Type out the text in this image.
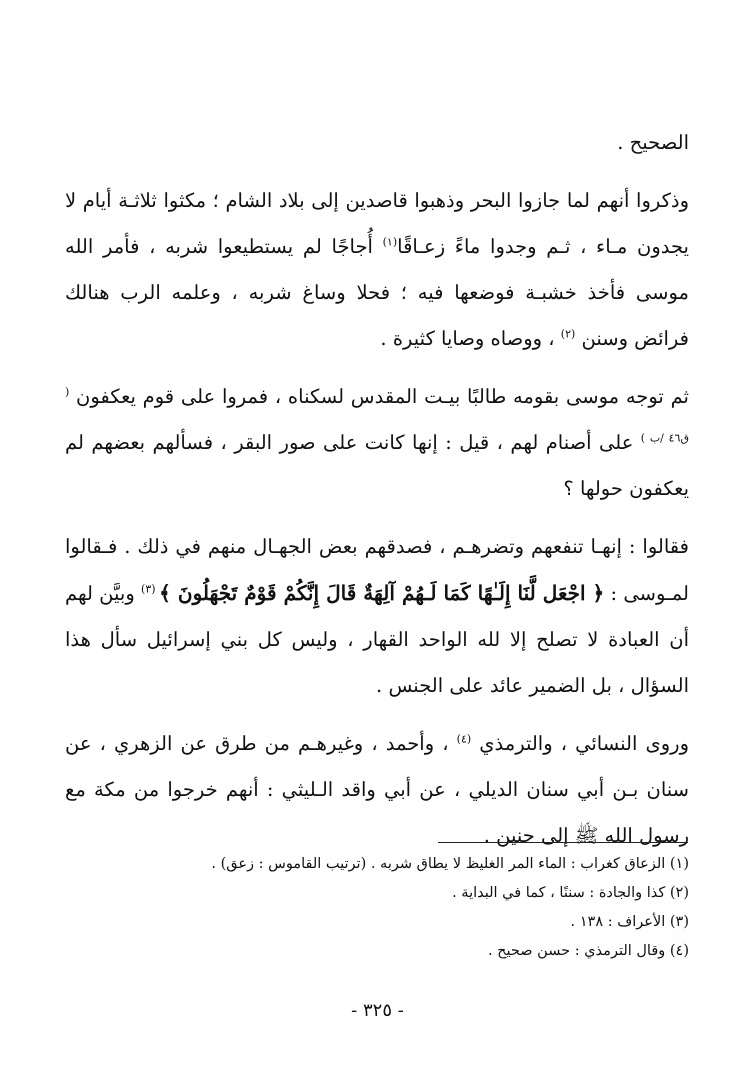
الصحيح .

وذكروا أنهم لما جازوا البحر وذهبوا قاصدين إلى بلاد الشام ؛ مكثوا ثلاثـة أيام لا يجدون مـاء ، ثـم وجدوا ماءً زعـاقًا$^{(١)}$ أُجاجًا لم يستطيعوا شربه ، فأمر الله موسى فأخذ خشبـة فوضعها فيه ؛ فحلا وساغ شربه ، وعلمه الرب هنالك فرائض وسنن $^{(٢)}$ ، ووصاه وصايا كثيرة .

ثم توجه موسى بقومه طالبًا بيـت المقدس لسكناه ، فمروا على قوم يعكفون $^{( ق٤٦ /ب )}$ على أصنام لهم ، قيل : إنها كانت على صور البقر ، فسألهم بعضهم لم يعكفون حولها ؟

فقالوا : إنهـا تنفعهم وتضرهـم ، فصدقهم بعض الجهـال منهم في ذلك . فـقالوا لمـوسى : ﴿ اجْعَل لَّنَا إِلَـٰهًا كَمَا لَـهُمْ آلِهَةٌ قَالَ إِنَّكُمْ قَوْمٌ تَجْهَلُونَ ﴾ $^{(٣)}$ وبيَّن لهم أن العبادة لا تصلح إلا لله الواحد القهار ، وليس كل بني إسرائيل سأل هذا السؤال ، بل الضمير عائد على الجنس .

وروى النسائي ، والترمذي $^{(٤)}$ ، وأحمد ، وغيرهـم من طرق عن الزهري ، عن سنان بـن أبي سنان الديلي ، عن أبي واقد الـليثي : أنهم خرجوا من مكة مع رسول الله ﷺ إلى حنين .

(١) الزعاق كغراب : الماء المر الغليظ لا يطاق شربه . (ترتيب القاموس : زعق) .

(٢) كذا والجادة : سننًا ، كما في البداية .

(٣) الأعراف : ١٣٨ .

(٤) وقال الترمذي : حسن صحيح .

- ٣٢٥ -
